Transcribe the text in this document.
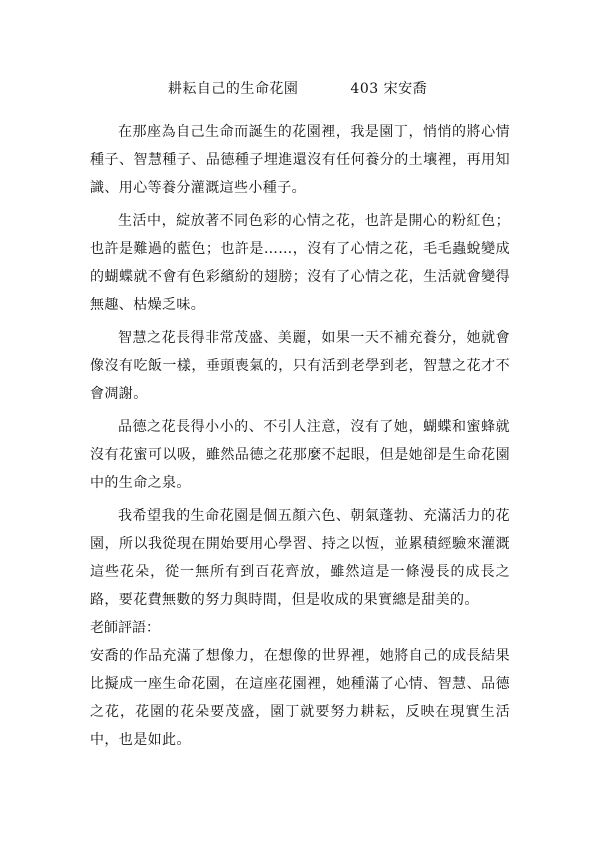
耕耘自己的生命花園	403 宋安喬

在那座為自己生命而誕生的花園裡，我是園丁，悄悄的將心情種子、智慧種子、品德種子埋進還沒有任何養分的土壤裡，再用知識、用心等養分灌溉這些小種子。

生活中，綻放著不同色彩的心情之花，也許是開心的粉紅色；也許是難過的藍色；也許是……，沒有了心情之花，毛毛蟲蛻變成的蝴蝶就不會有色彩繽紛的翅膀；沒有了心情之花，生活就會變得無趣、枯燥乏味。

智慧之花長得非常茂盛、美麗，如果一天不補充養分，她就會像沒有吃飯一樣，垂頭喪氣的，只有活到老學到老，智慧之花才不會凋謝。

品德之花長得小小的、不引人注意，沒有了她，蝴蝶和蜜蜂就沒有花蜜可以吸，雖然品德之花那麼不起眼，但是她卻是生命花園中的生命之泉。

我希望我的生命花園是個五顏六色、朝氣蓬勃、充滿活力的花園，所以我從現在開始要用心學習、持之以恆，並累積經驗來灌溉這些花朵，從一無所有到百花齊放，雖然這是一條漫長的成長之路，要花費無數的努力與時間，但是收成的果實總是甜美的。

老師評語：

安喬的作品充滿了想像力，在想像的世界裡，她將自己的成長結果比擬成一座生命花園，在這座花園裡，她種滿了心情、智慧、品德之花，花園的花朵要茂盛，園丁就要努力耕耘，反映在現實生活中，也是如此。
